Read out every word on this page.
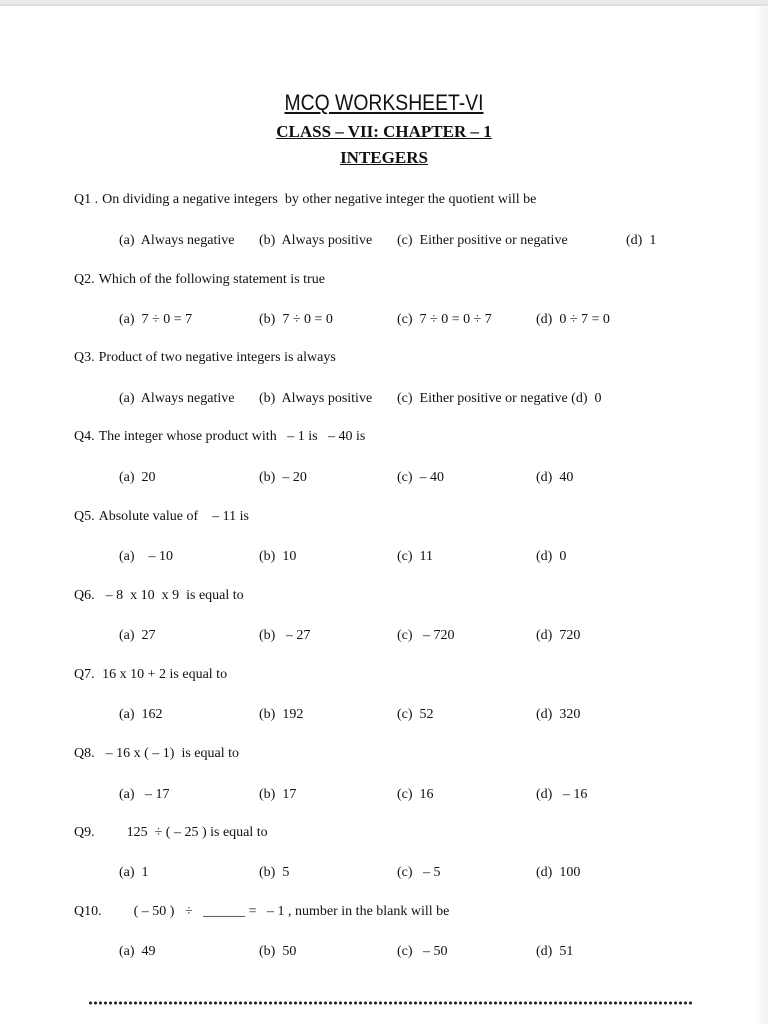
MCQ WORKSHEET-VI
CLASS – VII: CHAPTER – 1
INTEGERS
Q1 . On dividing a negative integers  by other negative integer the quotient will be
(a)  Always negative (b)  Always positive (c)  Either positive or negative	(d)  1
Q2. Which of the following statement is true
(a)  7 ÷ 0 = 7	(b)  7 ÷ 0 = 0	(c)  7 ÷ 0 = 0 ÷ 7	(d)  0 ÷ 7 = 0
Q3. Product of two negative integers is always
(a)  Always negative (b)  Always positive (c)  Either positive or negative (d)  0
Q4. The integer whose product with   – 1 is   – 40 is
(a)  20	(b)  – 20	(c)  – 40	(d)  40
Q5. Absolute value of    – 11 is
(a)    – 10	(b)  10	(c)  11	(d)  0
Q6.  – 8  x 10  x 9  is equal to
(a)  27	(b)   – 27	(c)   – 720	(d)  720
Q7. 16 x 10 + 2 is equal to
(a)  162	(b)  192	(c)  52	(d)  320
Q8.  – 16 x ( – 1)  is equal to
(a)   – 17	(b)  17	(c)  16	(d)   – 16
Q9.        125  ÷ ( – 25 ) is equal to
(a)  1	(b)  5	(c)   – 5	(d)  100
Q10.        ( – 50 )   ÷   ______ =   – 1 , number in the blank will be
(a)  49	(b)  50	(c)   – 50	(d)  51
